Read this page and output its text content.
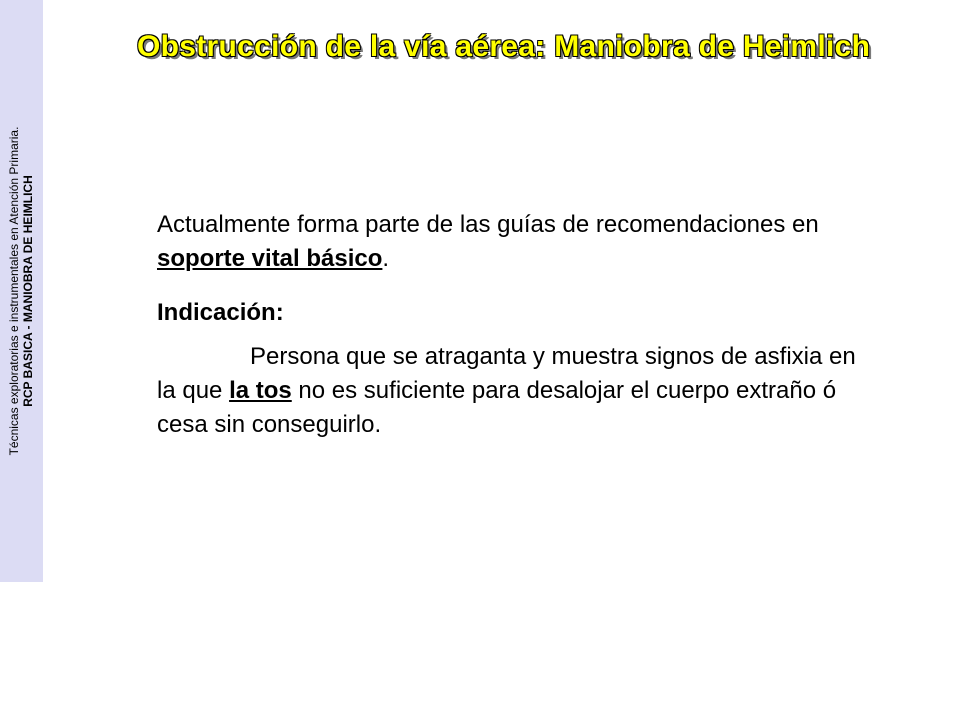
Técnicas exploratorias e instrumentales en Atención Primaria. RCP BASICA - MANIOBRA DE HEIMLICH
Obstrucción de la vía aérea: Maniobra de Heimlich

Actualmente forma parte de las guías de recomendaciones en soporte vital básico.

Indicación:

Persona que se atraganta y muestra signos de asfixia en la que la tos no es suficiente para desalojar el cuerpo extraño ó cesa sin conseguirlo.
